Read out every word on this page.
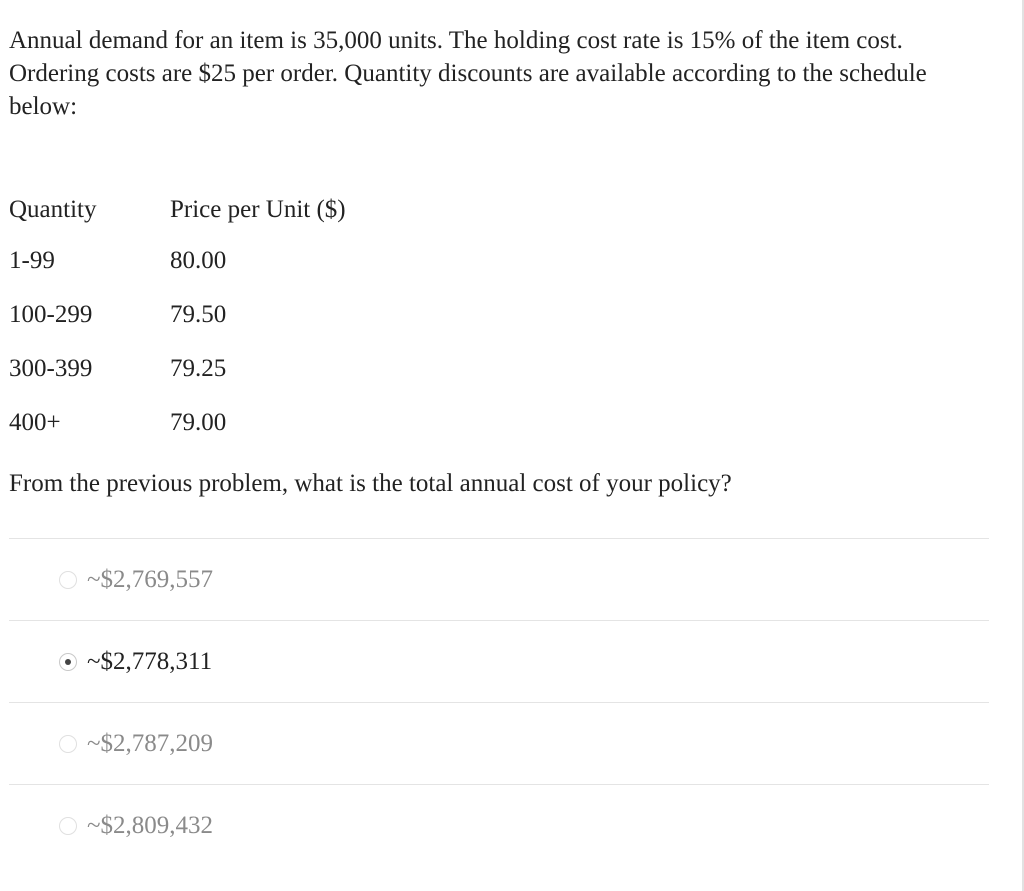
Annual demand for an item is 35,000 units. The holding cost rate is 15% of the item cost. Ordering costs are $25 per order. Quantity discounts are available according to the schedule below:

Quantity	Price per Unit ($)
1-99	80.00
100-299	79.50
300-399	79.25
400+	79.00

From the previous problem, what is the total annual cost of your policy?

~$2,769,557
~$2,778,311
~$2,787,209
~$2,809,432
